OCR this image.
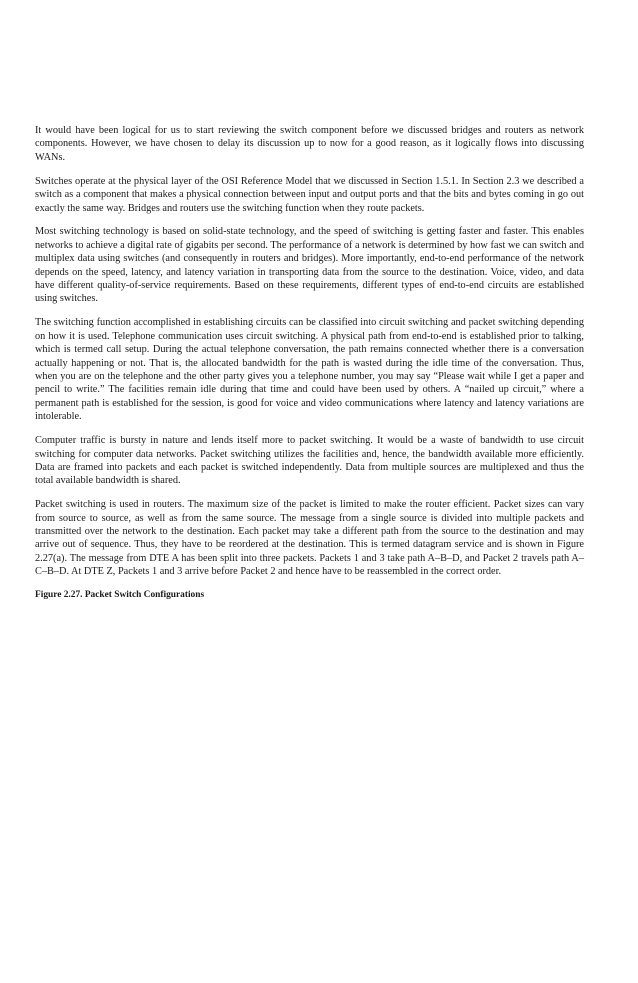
It would have been logical for us to start reviewing the switch component before we discussed bridges and routers as network components. However, we have chosen to delay its discussion up to now for a good reason, as it logically flows into discussing WANs.

Switches operate at the physical layer of the OSI Reference Model that we discussed in Section 1.5.1. In Section 2.3 we described a switch as a component that makes a physical connection between input and output ports and that the bits and bytes coming in go out exactly the same way. Bridges and routers use the switching function when they route packets.

Most switching technology is based on solid-state technology, and the speed of switching is getting faster and faster. This enables networks to achieve a digital rate of gigabits per second. The performance of a network is determined by how fast we can switch and multiplex data using switches (and consequently in routers and bridges). More importantly, end-to-end performance of the network depends on the speed, latency, and latency variation in transporting data from the source to the destination. Voice, video, and data have different quality-of-service requirements. Based on these requirements, different types of end-to-end circuits are established using switches.

The switching function accomplished in establishing circuits can be classified into circuit switching and packet switching depending on how it is used. Telephone communication uses circuit switching. A physical path from end-to-end is established prior to talking, which is termed call setup. During the actual telephone conversation, the path remains connected whether there is a conversation actually happening or not. That is, the allocated bandwidth for the path is wasted during the idle time of the conversation. Thus, when you are on the telephone and the other party gives you a telephone number, you may say “Please wait while I get a paper and pencil to write.” The facilities remain idle during that time and could have been used by others. A “nailed up circuit,” where a permanent path is established for the session, is good for voice and video communications where latency and latency variations are intolerable.

Computer traffic is bursty in nature and lends itself more to packet switching. It would be a waste of bandwidth to use circuit switching for computer data networks. Packet switching utilizes the facilities and, hence, the bandwidth available more efficiently. Data are framed into packets and each packet is switched independently. Data from multiple sources are multiplexed and thus the total available bandwidth is shared.

Packet switching is used in routers. The maximum size of the packet is limited to make the router efficient. Packet sizes can vary from source to source, as well as from the same source. The message from a single source is divided into multiple packets and transmitted over the network to the destination. Each packet may take a different path from the source to the destination and may arrive out of sequence. Thus, they have to be reordered at the destination. This is termed datagram service and is shown in Figure 2.27(a). The message from DTE A has been split into three packets. Packets 1 and 3 take path A–B–D, and Packet 2 travels path A–C–B–D. At DTE Z, Packets 1 and 3 arrive before Packet 2 and hence have to be reassembled in the correct order.

Figure 2.27. Packet Switch Configurations
